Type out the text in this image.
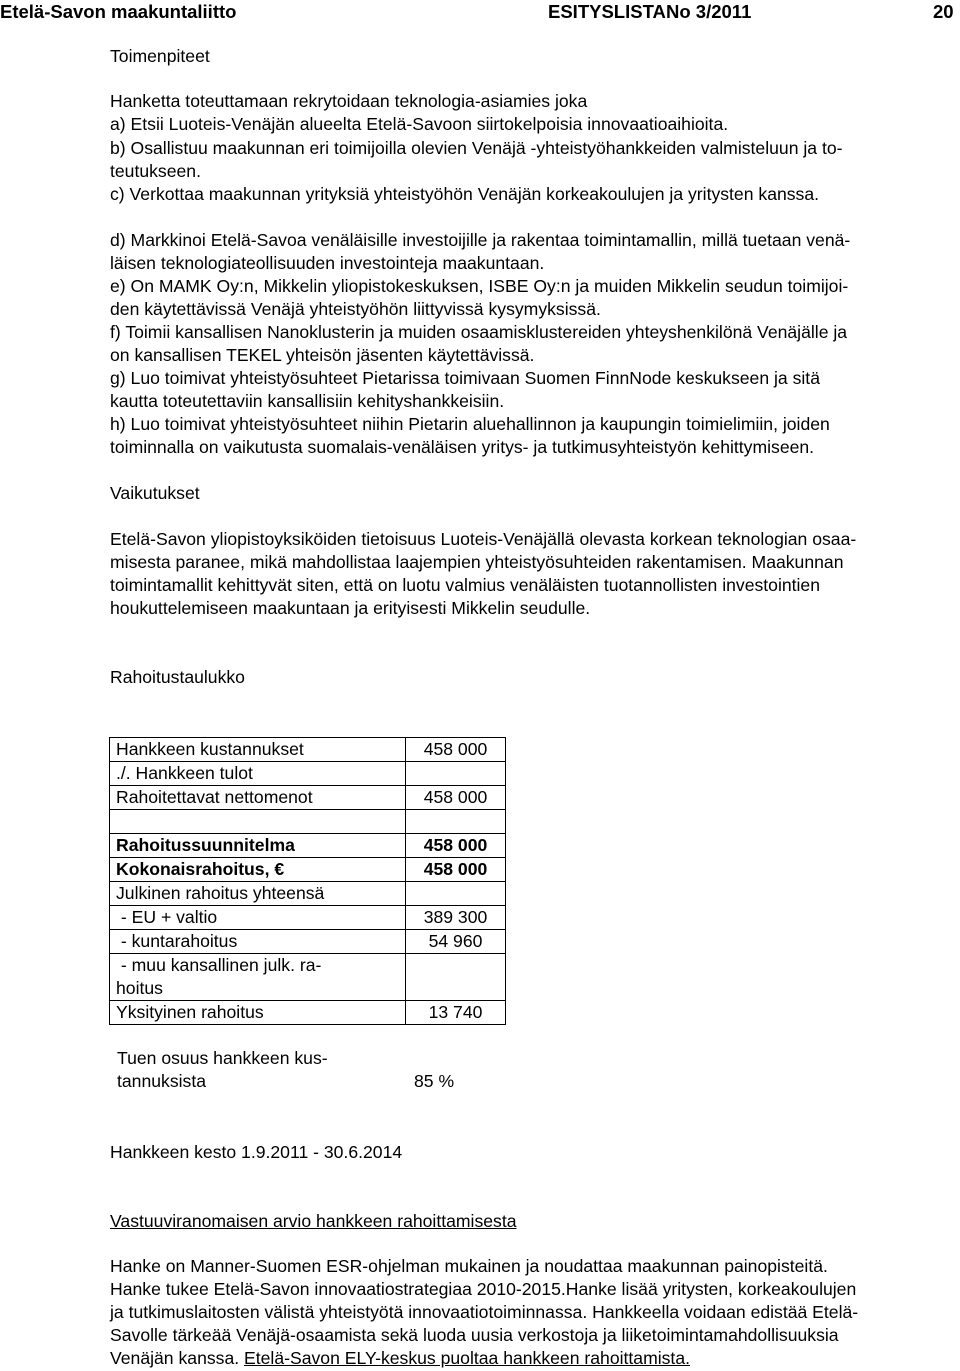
Etelä-Savon maakuntaliitto	ESITYSLISTA No 3/2011	20
Toimenpiteet
Hanketta toteuttamaan rekrytoidaan teknologia-asiamies joka
a) Etsii Luoteis-Venäjän alueelta Etelä-Savoon siirtokelpoisia innovaatioaihioita.
b) Osallistuu maakunnan eri toimijoilla olevien Venäjä -yhteistyöhankkeiden valmisteluun ja to-
teutukseen.
c) Verkottaa maakunnan yrityksiä yhteistyöhön Venäjän korkeakoulujen ja yritysten kanssa.
d) Markkinoi Etelä-Savoa venäläisille investoijille ja rakentaa toimintamallin, millä tuetaan venä-
läisen teknologiateollisuuden investointeja maakuntaan.
e) On MAMK Oy:n, Mikkelin yliopistokeskuksen, ISBE Oy:n ja muiden Mikkelin seudun toimijoi-
den käytettävissä Venäjä yhteistyöhön liittyvissä kysymyksissä.
f) Toimii kansallisen Nanoklusterin ja muiden osaamisklustereiden yhteyshenkilönä Venäjälle ja
on kansallisen TEKEL yhteisön jäsenten käytettävissä.
g) Luo toimivat yhteistyösuhteet Pietarissa toimivaan Suomen FinnNode keskukseen ja sitä
kautta toteutettaviin kansallisiin kehityshankkeisiin.
h) Luo toimivat yhteistyösuhteet niihin Pietarin aluehallinnon ja kaupungin toimielimiin, joiden
toiminnalla on vaikutusta suomalais-venäläisen yritys- ja tutkimusyhteistyön kehittymiseen.
Vaikutukset
Etelä-Savon yliopistoyksiköiden tietoisuus Luoteis-Venäjällä olevasta korkean teknologian osaa-
misesta paranee, mikä mahdollistaa laajempien yhteistyösuhteiden rakentamisen. Maakunnan
toimintamallit kehittyvät siten, että on luotu valmius venäläisten tuotannollisten investointien
houkuttelemiseen maakuntaan ja erityisesti Mikkelin seudulle.
Rahoitustaulukko
Hankkeen kustannukset	458 000
./. Hankkeen tulot	
Rahoitettavat nettomenot	458 000

Rahoitussuunnitelma	458 000
Kokonaisrahoitus, €	458 000
Julkinen rahoitus yhteensä	
- EU + valtio	389 300
- kuntarahoitus	54 960

- muu kansallinen julk. ra-
hoitus	

Yksityinen rahoitus	13 740
Tuen osuus hankkeen kus-
tannuksista	85 %
Hankkeen kesto 1.9.2011 - 30.6.2014
Vastuuviranomaisen arvio hankkeen rahoittamisesta
Hanke on Manner-Suomen ESR-ohjelman mukainen ja noudattaa maakunnan painopisteitä.
Hanke tukee Etelä-Savon innovaatiostrategiaa 2010-2015.Hanke lisää yritysten, korkeakoulujen
ja tutkimuslaitosten välistä yhteistyötä innovaatiotoiminnassa. Hankkeella voidaan edistää Etelä-
Savolle tärkeää Venäjä-osaamista sekä luoda uusia verkostoja ja liiketoimintamahdollisuuksia
Venäjän kanssa. Etelä-Savon ELY-keskus puoltaa hankkeen rahoittamista.
